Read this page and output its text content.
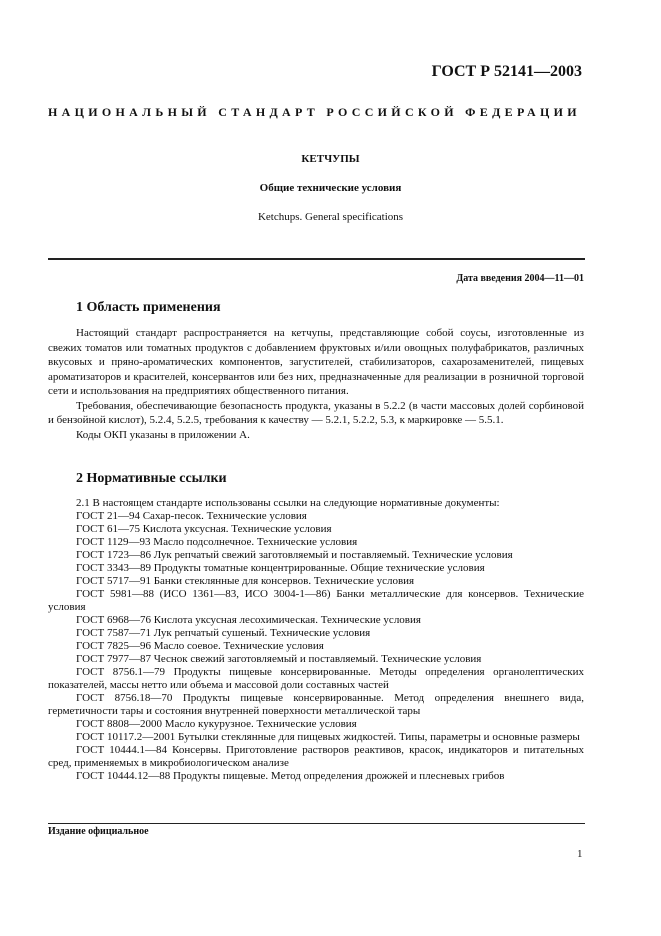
ГОСТ Р 52141—2003
НАЦИОНАЛЬНЫЙ СТАНДАРТ РОССИЙСКОЙ ФЕДЕРАЦИИ
КЕТЧУПЫ
Общие технические условия
Ketchups. General specifications
Дата введения 2004—11—01
1 Область применения

Настоящий стандарт распространяется на кетчупы, представляющие собой соусы, изготовленные из свежих томатов или томатных продуктов с добавлением фруктовых и/или овощных полуфабрикатов, различных вкусовых и пряно-ароматических компонентов, загустителей, стабилизаторов, сахарозаменителей, пищевых ароматизаторов и красителей, консервантов или без них, предназначенные для реализации в розничной торговой сети и использования на предприятиях общественного питания.

Требования, обеспечивающие безопасность продукта, указаны в 5.2.2 (в части массовых долей сорбиновой и бензойной кислот), 5.2.4, 5.2.5, требования к качеству — 5.2.1, 5.2.2, 5.3, к маркировке — 5.5.1.

Коды ОКП указаны в приложении А.

2 Нормативные ссылки

2.1 В настоящем стандарте использованы ссылки на следующие нормативные документы:

ГОСТ 21—94 Сахар-песок. Технические условия

ГОСТ 61—75 Кислота уксусная. Технические условия

ГОСТ 1129—93 Масло подсолнечное. Технические условия

ГОСТ 1723—86 Лук репчатый свежий заготовляемый и поставляемый. Технические условия

ГОСТ 3343—89 Продукты томатные концентрированные. Общие технические условия

ГОСТ 5717—91 Банки стеклянные для консервов. Технические условия

ГОСТ 5981—88 (ИСО 1361—83, ИСО 3004-1—86) Банки металлические для консервов. Технические условия

ГОСТ 6968—76 Кислота уксусная лесохимическая. Технические условия

ГОСТ 7587—71 Лук репчатый сушеный. Технические условия

ГОСТ 7825—96 Масло соевое. Технические условия

ГОСТ 7977—87 Чеснок свежий заготовляемый и поставляемый. Технические условия

ГОСТ 8756.1—79 Продукты пищевые консервированные. Методы определения органолептических показателей, массы нетто или объема и массовой доли составных частей

ГОСТ 8756.18—70 Продукты пищевые консервированные. Метод определения внешнего вида, герметичности тары и состояния внутренней поверхности металлической тары

ГОСТ 8808—2000 Масло кукурузное. Технические условия

ГОСТ 10117.2—2001 Бутылки стеклянные для пищевых жидкостей. Типы, параметры и основные размеры

ГОСТ 10444.1—84 Консервы. Приготовление растворов реактивов, красок, индикаторов и питательных сред, применяемых в микробиологическом анализе

ГОСТ 10444.12—88 Продукты пищевые. Метод определения дрожжей и плесневых грибов

Издание официальное
1
